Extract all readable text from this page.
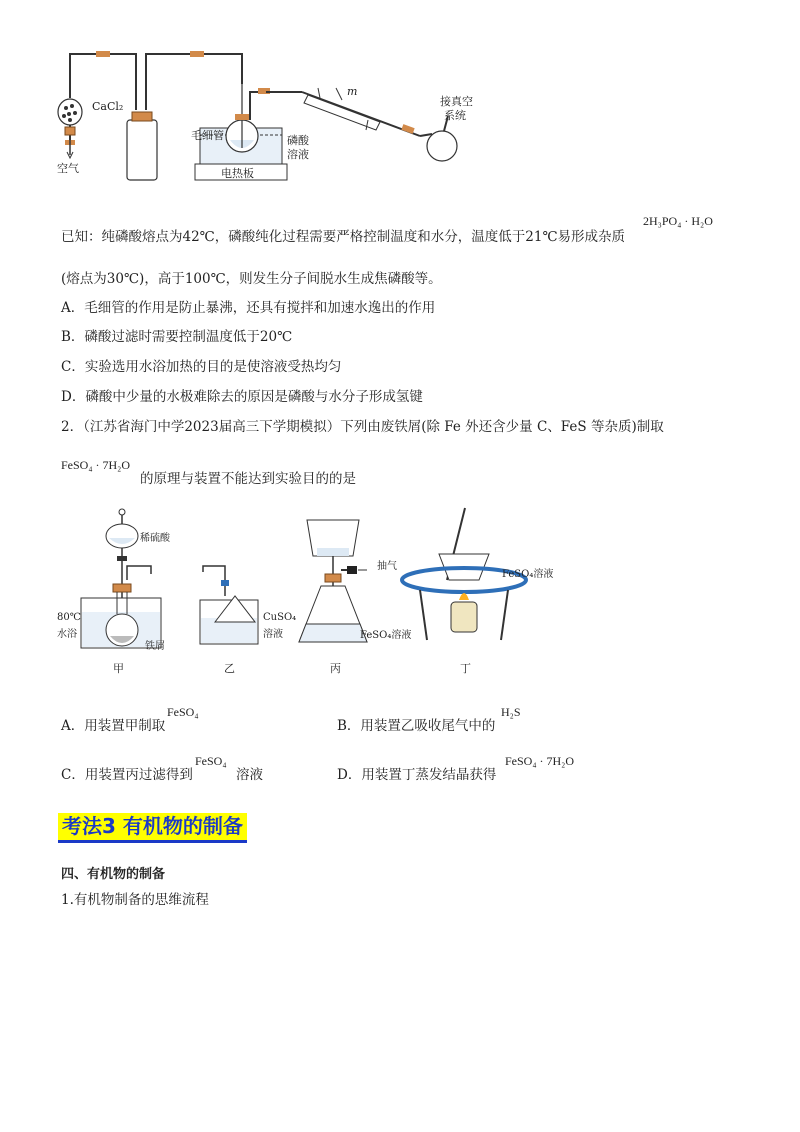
CaCl₂
空气
毛细管	磷酸
溶液
电热板
m
接真空
系统
已知：纯磷酸熔点为42℃，磷酸纯化过程需要严格控制温度和水分，温度低于21℃易形成杂质
2H₃PO₄ · H₂O
(熔点为30℃)，高于100℃，则发生分子间脱水生成焦磷酸等。
A．毛细管的作用是防止暴沸，还具有搅拌和加速水逸出的作用
B．磷酸过滤时需要控制温度低于20℃
C．实验选用水浴加热的目的是使溶液受热均匀
D．磷酸中少量的水极难除去的原因是磷酸与水分子形成氢键
2．（江苏省海门中学2023届高三下学期模拟）下列由废铁屑(除 Fe 外还含少量 C、FeS 等杂质)制取
FeSO₄ · 7H₂O
的原理与装置不能达到实验目的的是
稀硫酸
80℃
水浴
铁屑
甲
CuSO₄
溶液
乙
抽气
FeSO₄溶液
丙
FeSO₄溶液
丁
A．用装置甲制取
FeSO₄
B．用装置乙吸收尾气中的
H₂S
C．用装置丙过滤得到
FeSO₄
溶液	D．用装置丁蒸发结晶获得
FeSO₄ · 7H₂O
考法3 有机物的制备
四、有机物的制备
1.有机物制备的思维流程
